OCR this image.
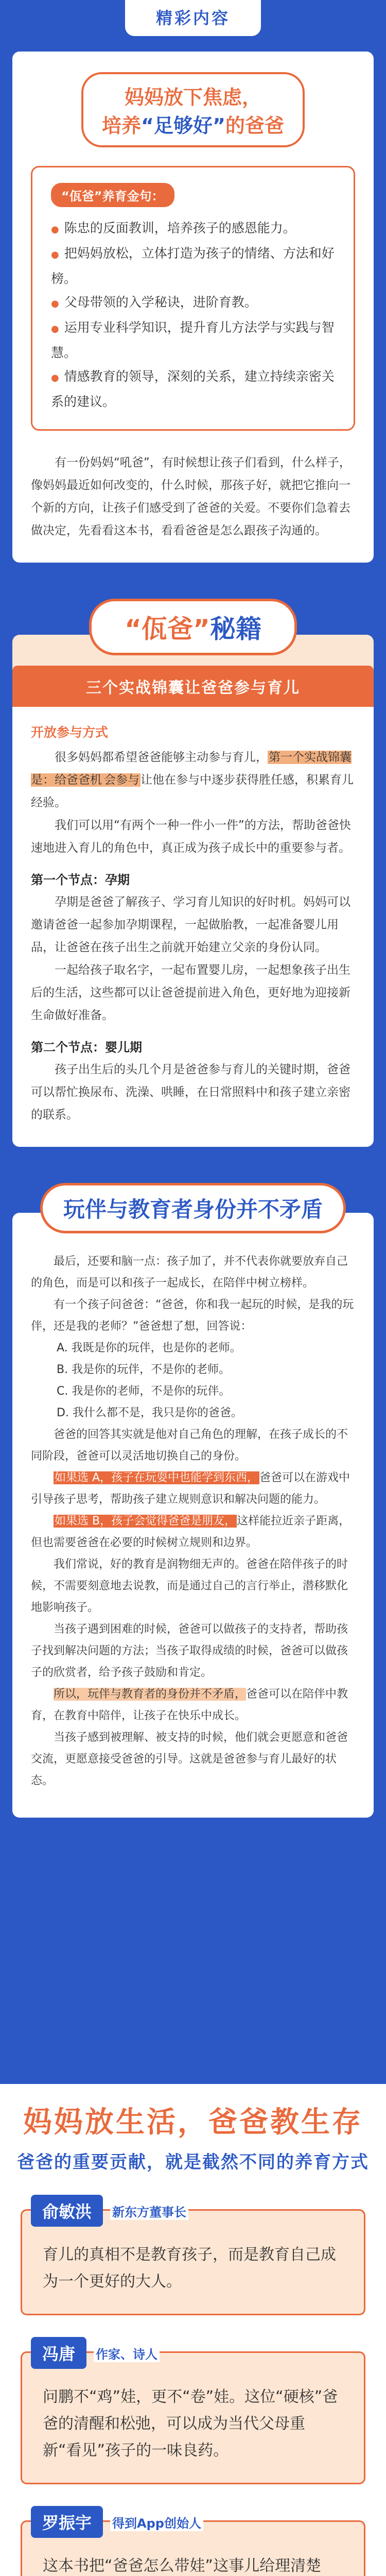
精彩内容
妈妈放下焦虑，
培养“足够好”的爸爸
“佤爸”养育金句：
● 陈忠的反面教训，培养孩子的感恩能力。
● 把妈妈放松，立体打造为孩子的情绪、方法和好榜。
● 父母带领的入学秘诀，进阶育教。
● 运用专业科学知识，提升育儿方法学与实践与智慧。
● 情感教育的领导，深刻的关系，建立持续亲密关系的建议。

有一份妈妈“吼爸”，有时候想让孩子们看到，什么样子，像妈妈最近如何改变的，什么时候，那孩子好，就把它推向一个新的方向，让孩子们感受到了爸爸的关爱。不要你们急着去做决定，先看看这本书，看看爸爸是怎么跟孩子沟通的。

“佤爸”秘籍
三个实战锦囊让爸爸参与育儿
开放参与方式

很多妈妈都希望爸爸能够主动参与育儿，第一个实战锦囊是：给爸爸机 会参与让他在参与中逐步获得胜任感，积累育儿经验。

我们可以用“有两个一种一件小一件”的方法，帮助爸爸快速地进入育儿的角色中，真正成为孩子成长中的重要参与者。

第一个节点：孕期

孕期是爸爸了解孩子、学习育儿知识的好时机。妈妈可以邀请爸爸一起参加孕期课程，一起做胎教，一起准备婴儿用品，让爸爸在孩子出生之前就开始建立父亲的身份认同。

一起给孩子取名字，一起布置婴儿房，一起想象孩子出生后的生活，这些都可以让爸爸提前进入角色，更好地为迎接新生命做好准备。

第二个节点：婴儿期

孩子出生后的头几个月是爸爸参与育儿的关键时期，爸爸可以帮忙换尿布、洗澡、哄睡，在日常照料中和孩子建立亲密的联系。

玩伴与教育者身份并不矛盾

最后，还要和脑一点：孩子加了，并不代表你就要放弃自己的角色，而是可以和孩子一起成长，在陪伴中树立榜样。

有一个孩子问爸爸：“爸爸，你和我一起玩的时候，是我的玩伴，还是我的老师？”爸爸想了想，回答说：

A. 我既是你的玩伴，也是你的老师。
B. 我是你的玩伴，不是你的老师。
C. 我是你的老师，不是你的玩伴。
D. 我什么都不是，我只是你的爸爸。

爸爸的回答其实就是他对自己角色的理解，在孩子成长的不同阶段，爸爸可以灵活地切换自己的身份。

如果选 A，孩子在玩耍中也能学到东西，爸爸可以在游戏中引导孩子思考，帮助孩子建立规则意识和解决问题的能力。

如果选 B，孩子会觉得爸爸是朋友，这样能拉近亲子距离，但也需要爸爸在必要的时候树立规则和边界。

我们常说，好的教育是润物细无声的。爸爸在陪伴孩子的时候，不需要刻意地去说教，而是通过自己的言行举止，潜移默化地影响孩子。

当孩子遇到困难的时候，爸爸可以做孩子的支持者，帮助孩子找到解决问题的方法；当孩子取得成绩的时候，爸爸可以做孩子的欣赏者，给予孩子鼓励和肯定。

所以，玩伴与教育者的身份并不矛盾，爸爸可以在陪伴中教育，在教育中陪伴，让孩子在快乐中成长。

当孩子感到被理解、被支持的时候，他们就会更愿意和爸爸交流，更愿意接受爸爸的引导。这就是爸爸参与育儿最好的状态。

妈妈放生活，爸爸教生存
爸爸的重要贡献，就是截然不同的养育方式
俞敏洪	新东方董事长
育儿的真相不是教育孩子，而是教育自己成为一个更好的大人。
冯唐	作家、诗人
问鹏不“鸡”娃，更不“卷”娃。这位“硬核”爸爸的清醒和松弛，可以成为当代父母重新“看见”孩子的一味良药。
罗振宇	得到App创始人
这本书把“爸爸怎么带娃”这事儿给理清楚
